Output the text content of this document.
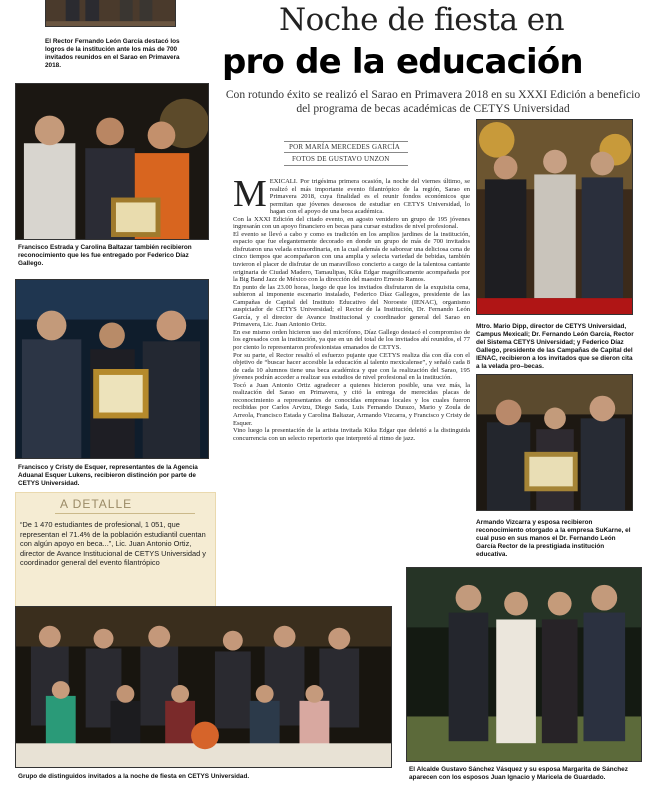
Noche de fiesta en
pro de la educación
Con rotundo éxito se realizó el Sarao en Primavera 2018 en su XXXI Edición a beneficio del programa de becas académicas de CETYS Universidad
POR MARÍA MERCEDES GARCÍA
FOTOS DE GUSTAVO UNZON
El Rector Fernando León García destacó los logros de la institución ante los más de 700 invitados reunidos en el Sarao en Primavera 2018.
Francisco Estrada y Carolina Baltazar también recibieron reconocimiento que les fue entregado por Federico Díaz Gallego.
Francisco y Cristy de Esquer, representantes de la Agencia Aduanal Esquer Lukens, recibieron distinción por parte de CETYS Universidad.
A DETALLE
“De 1 470 estudiantes de profesional, 1 051, que representan el 71.4% de la población estudiantil cuentan con algún apoyo en beca...”, Lic. Juan Antonio Ortiz, director de Avance Institucional de CETYS Universidad y coordinador general del evento filantrópico
M EXICALI. Por trigésima primera ocasión, la noche del viernes último, se realizó el más importante evento filantrópico de la región, Sarao en Primavera 2018, cuya finalidad es el reunir fondos económicos que permitan que jóvenes deseosos de estudiar en CETYS Universidad, lo hagan con el apoyo de una beca académica.

Con la XXXI Edición del citado evento, en agosto venidero un grupo de 195 jóvenes ingresarán con un apoyo financiero en becas para cursar estudios de nivel profesional.

El evento se llevó a cabo y como es tradición en los amplios jardines de la institución, espacio que fue elegantemente decorado en donde un grupo de más de 700 invitados disfrutaron una velada extraordinaria, en la cual además de saborear una deliciosa cena de cinco tiempos que acompañaron con una amplia y selecta variedad de bebidas, también tuvieron el placer de disfrutar de un maravilloso concierto a cargo de la talentosa cantante originaria de Ciudad Madero, Tamaulipas, Kika Edgar magníficamente acompañada por la Big Band Jazz de México con la dirección del maestro Ernesto Ramos.

En punto de las 23.00 horas, luego de que los invitados disfrutaron de la exquisita cena, subieron al imponente escenario instalado, Federico Díaz Gallegos, presidente de las Campañas de Capital del Instituto Educativo del Noroeste (IENAC), organismo auspiciador de CETYS Universidad; el Rector de la Institución, Dr. Fernando León García, y el director de Avance Institucional y coordinador general del Sarao en Primavera, Lic. Juan Antonio Ortiz.

En ese mismo orden hicieron uso del micrófono, Díaz Gallego destacó el compromiso de los egresados con la institución, ya que en un del total de los invitados ahí reunidos, el 77 por ciento lo representaron profesionistas emanados de CETYS.

Por su parte, el Rector resaltó el esfuerzo pujante que CETYS realiza día con día con el objetivo de “buscar hacer accesible la educación al talento mexicalense”, y señaló cada 8 de cada 10 alumnos tiene una beca académica y que con la realización del Sarao, 195 jóvenes podrán acceder a realizar sus estudios de nivel profesional en la institución.

Tocó a Juan Antonio Ortiz agradecer a quienes hicieron posible, una vez más, la realización del Sarao en Primavera, y citó la entrega de merecidas placas de reconocimiento a representantes de conocidas empresas locales y los cuales fueron recibidas por Carlos Arvizu, Diego Sada, Luis Fernando Durazo, Mario y Zoula de Arreola, Francisco Estada y Carolina Baltazar, Armando Vizcarra, y Francisco y Cristy de Esquer.

Vino luego la presentación de la artista invitada Kika Edgar que deleitó a la distinguida concurrencia con un selecto repertorio que interpretó al ritmo de jazz.

Mtro. Mario Dipp, director de CETYS Universidad, Campus Mexicali; Dr. Fernando León García, Rector del Sistema CETYS Universidad; y Federico Díaz Gallego, presidente de las Campañas de Capital del IENAC, recibieron a los invitados que se dieron cita a la velada pro–becas.
Armando Vizcarra y esposa recibieron reconocimiento otorgado a la empresa SuKarne, el cual puso en sus manos el Dr. Fernando León García Rector de la prestigiada institución educativa.
Grupo de distinguidos invitados a la noche de fiesta en CETYS Universidad.
El Alcalde Gustavo Sánchez Vásquez y su esposa Margarita de Sánchez aparecen con los esposos Juan Ignacio y Maricela de Guardado.
